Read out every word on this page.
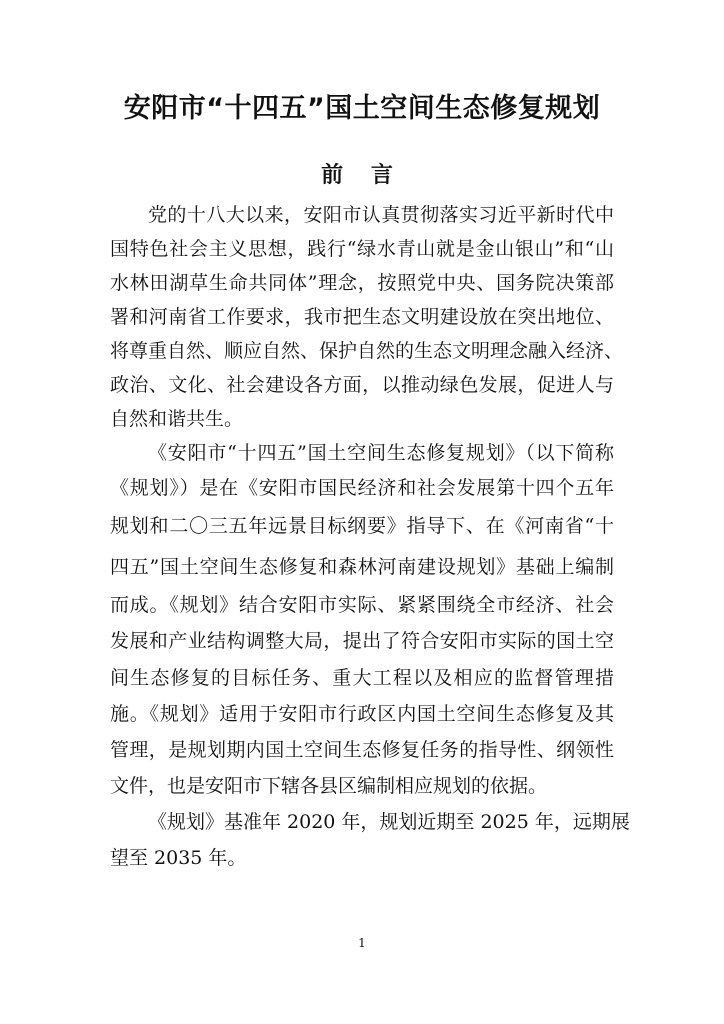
安阳市“十四五”国土空间生态修复规划
前 言

党的十八大以来，安阳市认真贯彻落实习近平新时代中

国特色社会主义思想，践行“绿水青山就是金山银山”和“山

水林田湖草生命共同体”理念，按照党中央、国务院决策部

署和河南省工作要求，我市把生态文明建设放在突出地位、

将尊重自然、顺应自然、保护自然的生态文明理念融入经济、

政治、文化、社会建设各方面，以推动绿色发展，促进人与

自然和谐共生。

《安阳市“十四五”国土空间生态修复规划》（以下简称

《规划》）是在《安阳市国民经济和社会发展第十四个五年

规划和二〇三五年远景目标纲要》指导下、在《河南省“十

四五”国土空间生态修复和森林河南建设规划》基础上编制

而成。《规划》结合安阳市实际、紧紧围绕全市经济、社会

发展和产业结构调整大局，提出了符合安阳市实际的国土空

间生态修复的目标任务、重大工程以及相应的监督管理措

施。《规划》适用于安阳市行政区内国土空间生态修复及其

管理，是规划期内国土空间生态修复任务的指导性、纲领性

文件，也是安阳市下辖各县区编制相应规划的依据。

《规划》基准年 2020 年，规划近期至 2025 年，远期展

望至 2035 年。

1
